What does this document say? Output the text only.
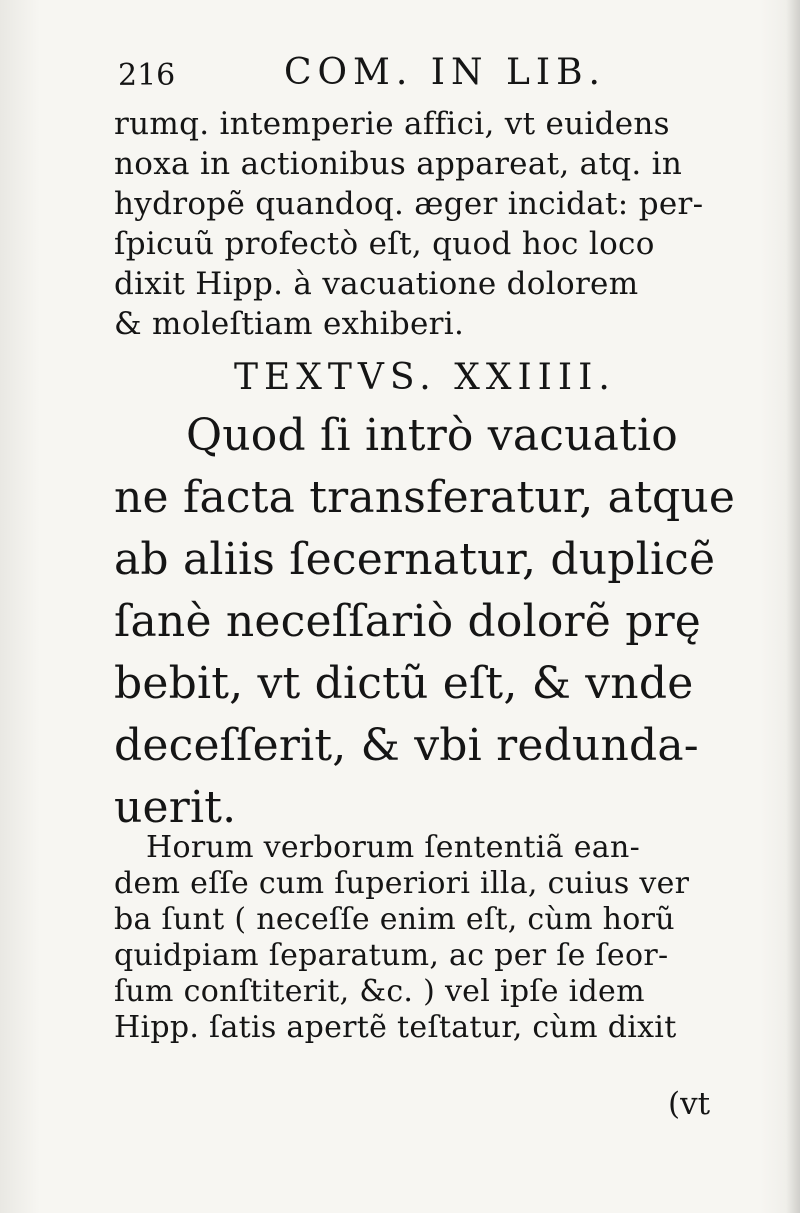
216	COM. IN LIB.
rumq. intemperie affici, vt euidens
noxa in actionibus appareat, atq. in
hydropẽ quandoq. æger incidat: per-
ſpicuũ profectò eſt, quod hoc loco
dixit Hipp. à vacuatione dolorem
& moleſtiam exhiberi.
TEXTVS. XXIIII.
Quod ſi intrò vacuatio
ne facta transferatur, atque
ab aliis ſecernatur, duplicẽ
ſanè neceſſariò dolorẽ prę
bebit, vt dictũ eſt, & vnde
deceſſerit, & vbi redunda-
uerit.
Horum verborum ſententiã ean-
dem eſſe cum ſuperiori illa, cuius ver
ba ſunt ( neceſſe enim eſt, cùm horũ
quidpiam ſeparatum, ac per ſe ſeor-
ſum conſtiterit, &c. ) vel ipſe idem
Hipp. ſatis apertẽ teſtatur, cùm dixit
(vt
